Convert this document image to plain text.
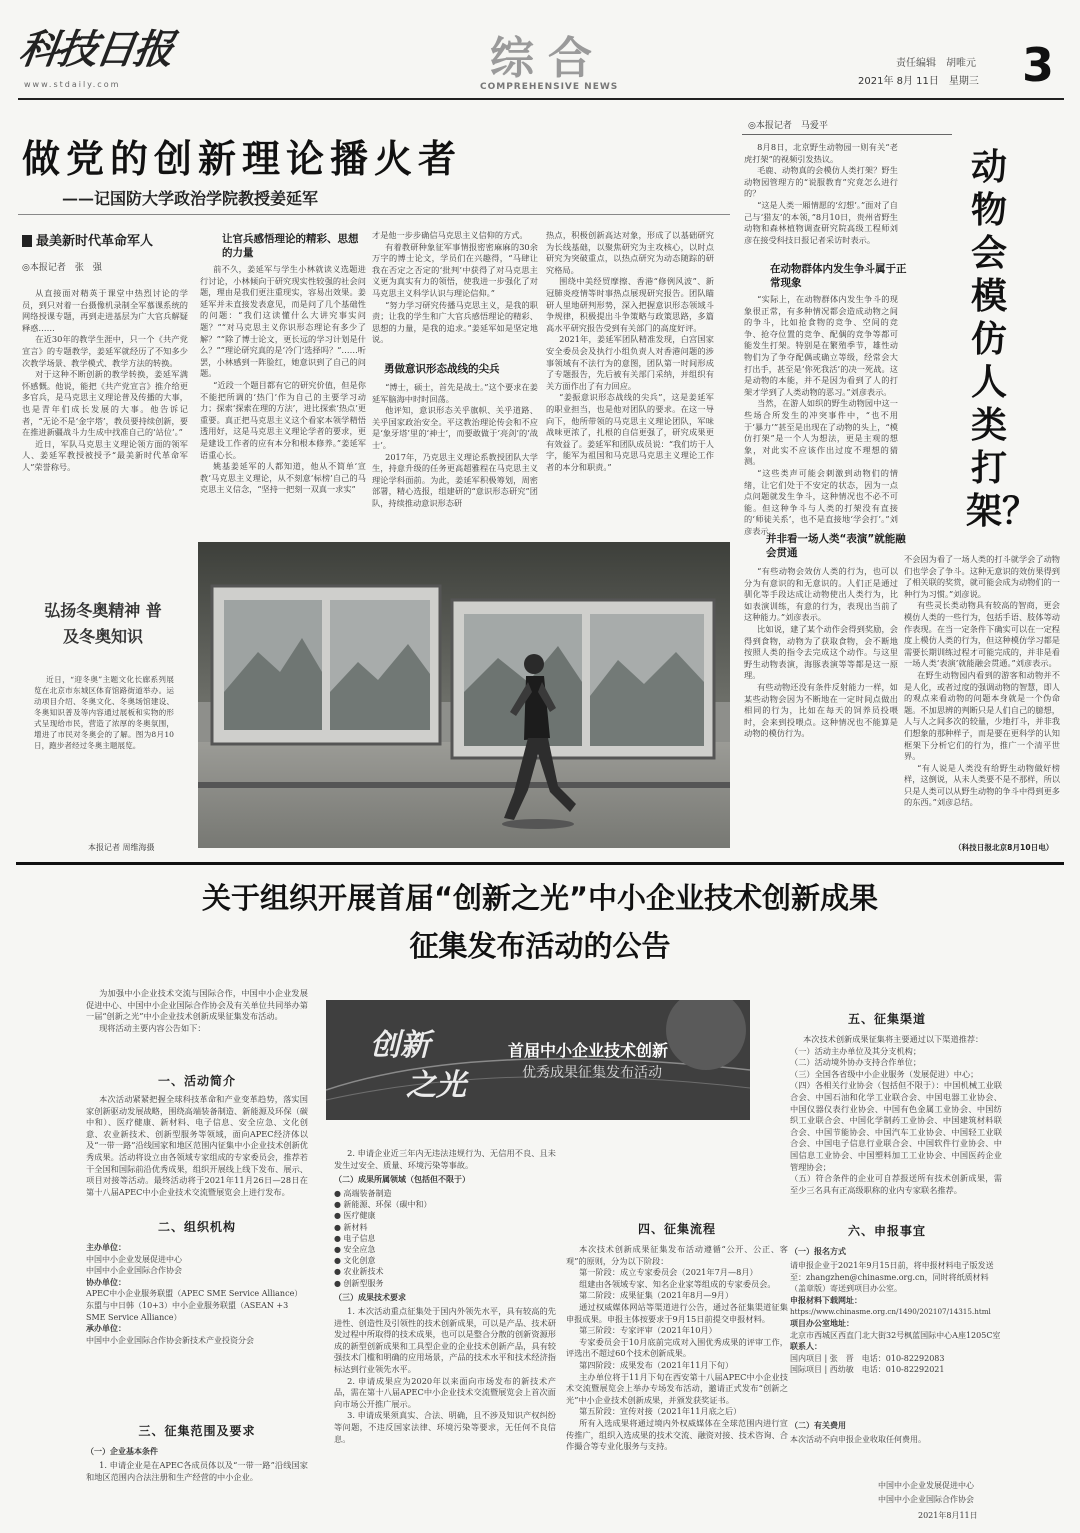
科技日报
www.stdaily.com
综合
COMPREHENSIVE NEWS
责任编辑　胡唯元
2021年 8月 11日　星期三 3
做党的创新理论播火者
——记国防大学政治学院教授姜延军
最美新时代革命军人
◎本报记者　张　强

从直接面对精英于课堂中热烈讨论的学员，到只对着一台摄像机录制全军慕课系统的网络授课专题，再到走进基层为广大官兵解疑释惑……

在近30年的教学生涯中，只一个《共产党宣言》的专题教学，姜延军就经历了不知多少次教学场景、教学模式、教学方法的转换。

对于这种不断创新的教学转换，姜延军满怀感慨。他说，能把《共产党宣言》推介给更多官兵，是马克思主义理论普及传播的大事，也是青年们成长发展的大事。他告诉记者，“无论不是‘金字塔’，教员要持续创新，要在推进新疆战斗力生成中找准自己的‘站位’。”

近日，军队马克思主义理论领方面的领军人、姜延军教授被授予“最美新时代革命军人”荣誉称号。

让官兵感悟理论的精彩、思想的力量

前不久，姜延军与学生小林就读义选题进行讨论，小林倾向于研究现实性较强的社会问题，理由是我们更注重现实，容易出效果。姜延军并未直接发表意见，而是问了几个基础性的问题：“我们这读懂什么大讲究事实问题？”“对马克思主义你识形态理论有多少了解？”“除了博士论文，更长远的学习计划是什么？”“理论研究真的是‘冷门’选择吗？”……听罢，小林感到一阵脸红，她意识到了自己的问题。

“近段一个题目都有它的研究价值，但是你不能把所调的‘热门’作为自己的主要学习动力；探索‘探索在理的方法’，进比探索‘热点’更重要。真正把马克思主义这个看家本领学精悟透用好，这是马克思主义理论学者的要求，更是建设工作者的应有本分和根本修养。”姜延军语重心长。

姚基姜延军的人都知道，他从不简单‘宣教’马克思主义理论，从不刻意‘标榜’自己的马克思主义信念，“坚持一把刻一双真一求实”

才是他一步步确信马克思主义信仰的方式。

有着教研种象征军事情报密密麻麻的30余万字的博士论文，学员们在兴趣得，“马肆让我在否定之否定的‘批判’中获得了对马克思主义更为真实有力的领悟，使我进一步强化了对马克思主义科学认识与理论信仰。”

“努力学习研究传播马克思主义，是我的职责；让我的学生和广大官兵感悟理论的精彩、思想的力量，是我的追求。”姜延军如是坚定地说。

勇做意识形态战线的尖兵

“博士，硕士，首先是战士。”这个要求在姜延军脑海中时时回荡。

他评知，意识形态关乎旗帜、关乎道路、关乎国家政治安全。平这教治理论传会和不应是‘象牙塔’里的‘神士’，而要敢做于‘亮剑’的‘战士’。

2017年，乃克思主义理论系教授团队大学生，持意升级的任务更高超雅程在马克思主义理论学科面前。为此，姜延军积极筹划，周密部署，精心选报，组建研的“意识形态研究”团队，持续推动意识形态研

热点，积极创新高达对象，形成了以基础研究为长线基础，以聚焦研究为主攻核心，以时点研究为突破重点，以热点研究为动态随踪的研究格局。

围绕中美经贸摩擦、香港“修例风波”、新冠肺炎疫情等时事热点展现研究报告。团队瞄研人里地研判形势，深入把握意识形态领域斗争规律，积极提出斗争策略与政策思路，多篇高水平研究报告受到有关部门的高度好评。

2021年，姜延军团队精准发现，白宫国家安全委员会及执行小组负责人对香港问题的涉事领域有不法行为的意图，团队第一时间形成了专题报告，先后被有关部门采纳，并组织有关方面作出了有力回应。

“姜振意识形态战线的尖兵”，这是姜延军的职业担当，也是他对团队的要求。在这一导向下，他所带领的马克思主义理论团队，军味战味更浓了，扎根的自信更强了，研究成果更有效益了。姜延军和团队成员说：“我们坊于人字，能军为祖国和马克思马克思主义理论工作者的本分和职责。”

弘扬冬奥精神 普及冬奥知识
近日，“迎冬奥”主题文化长廊系列展览在北京市东城区体育馆路街道举办。运动项目介绍、冬奥文化、冬奥场馆建设、冬奥知识普及等内容通过展板和实物的形式呈现给市民，营造了浓厚的冬奥氛围，增进了市民对冬奥会的了解。图为8月10日，跑步者经过冬奥主题展览。
本报记者 周维海摄
◎本报记者　马爱平
动物会模仿人类打架？

8月8日，北京野生动物园一则有关“老虎打架”的视频引发热议。

毛鹿、动物真的会模仿人类打架？野生动物园管理方的“说服教育”究竟怎么进行的？

“这是人类一厢情愿的‘幻想’。”面对了自己与‘猎友’的本领，”8月10日，贵州省野生动物和森林植物调查研究院高级工程师刘彦在接受科技日报记者采访时表示。

在动物群体内发生争斗属于正常现象

“实际上，在动物群体内发生争斗的现象很正常，有多种情况都会造成动物之间的争斗，比如抢食物的竞争、空间的竞争、抢夺位置的竞争、配偶的竞争等都可能发生打架。特别是在繁殖季节，雄性动物们为了争夺配偶或确立等级，经常会大打出手，甚至是‘你死我活’的决一死战。这是动物的本能，并不是因为看到了人的打架才学到了人类动物的恶习。”刘彦表示。

当然，在游人如织的野生动物园中这一些场合所发生的冲突事件中，“也不用于‘暴力’”甚至是出现在了动物的头上，“模仿打架”是一个人为想法，更是主观的想象，对此实不应该作出过度不理想的猜测。

“这些类声可能会刺激到动物们的情绪，让它们处于不安定的状态，因为一点点问题就发生争斗，这种情况也不必不可能。但这种争斗与人类的打架没有直接的‘师徒关系’，也不是直接地‘学会打’。”刘彦表示。

并非看一场人类“表演”就能融会贯通

“有些动物会效仿人类的行为，也可以分为有意识的和无意识的。人们正是通过驯化等手段达成让动物使出人类行为，比如表演训练，有意的行为，表现出当前了这种能力。”刘彦表示。

比如说，建了某个动作会得到奖励，会得到食物，动物为了获取食物，会不断地按照人类的指令去完成这个动作。与这里野生动物表演，海豚表演等等都是这一原理。

有些动物还没有条件反射能力一样，如某些动物会因为不断地在一定时间点做出相同的行为，比如在每天的饲养员投喂时，会来到投喂点。这种情况也不能算是动物的模仿行为。

不会因为看了一场人类的打斗就学会了动物们也学会了争斗。这种无意识的效仿果得到了相关联的奖赏，就可能会成为动物们的一种行为习惯。”刘彦说。

有些灵长类动物具有较高的智商，更会模仿人类的一些行为，包括手语、肢体等动作表现。在当一定条件下确实可以在一定程度上模仿人类的行为，但这种模仿学习都是需要长期训练过程才可能完成的，并非是看一场人类‘表演’就能融会贯通。”刘彦表示。

在野生动物园内看到的游客和动物并不是人化，或者过度的强调动物的智慧，即人的观点来看动物的问题本身就是一个伪命题。不加思辨的判断只是人们自己的臆想，人与人之间多次的较量，少地打斗，并非我们想象的那种样子，而是要在更科学的认知框架下分析它们的行为，推广一个清平世界。

“有人说是人类没有给野生动物做好榜样，这倒说，从未人类要不是不那样，所以只是人类可以从野生动物的争斗中得到更多的东西。”刘彦总结。

（科技日报北京8月10日电）
关于组织开展首届“创新之光”中小企业技术创新成果
征集发布活动的公告

为加强中小企业技术交流与国际合作，中国中小企业发展促进中心、中国中小企业国际合作协会及有关单位共同举办第一届“创新之光”中小企业技术创新成果征集发布活动。

现将活动主要内容公告如下：

一、活动简介
本次活动紧紧把握全球科技革命和产业变革趋势，落实国家创新驱动发展战略，围绕高端装备制造、新能源及环保（碳中和）、医疗健康、新材料、电子信息、安全应急、文化创意、农业新技术、创新型服务等领域，面向APEC经济体以及“一带一路”沿线国家和地区范围内征集中小企业技术创新优秀成果。活动将设立由各领域专家组成的专家委员会，推荐若干全国和国际前沿优秀成果，组织开展线上线下发布、展示、项目对接等活动。最终活动将于2021年11月26日—28日在第十八届APEC中小企业技术交流暨展览会上进行发布。
二、组织机构

主办单位：

中国中小企业发展促进中心

中国中小企业国际合作协会

协办单位：

APEC中小企业服务联盟（APEC SME Service Alliance）

东盟与中日韩（10+3）中小企业服务联盟（ASEAN +3 SME Service Alliance）

承办单位：

中国中小企业国际合作协会新技术产业投资分会

三、征集范围及要求
（一）企业基本条件
1. 申请企业是在APEC各成员体以及“一带一路”沿线国家和地区范围内合法注册和生产经营的中小企业。
创新
之光
首届中小企业技术创新
优秀成果征集发布活动

2. 申请企业近三年内无违法违规行为、无信用不良、且未发生过安全、质量、环境污染等事故。

（二）成果所属领域（包括但不限于）
● 高端装备制造
● 新能源、环保（碳中和）
● 医疗健康
● 新材料
● 电子信息
● 安全应急
● 文化创意
● 农业新技术
● 创新型服务
（三）成果技术要求

1. 本次活动重点征集处于国内外领先水平，具有较高的先进性、创造性及引领性的技术创新成果，可以是产品、技术研发过程中所取得的技术成果，也可以是整合分散的创新资源形成的新型创新成果和工具型企业的企业技术创新产品，具有较强技术门槛和明确的应用场景，产品的技术水平和技术经济指标达到行业领先水平。

2. 申请成果应为2020年以来面向市场发布的新技术产品，需在第十八届APEC中小企业技术交流暨展览会上首次面向市场公开推广展示。

3. 申请成果须真实、合法、明确，且不涉及知识产权纠纷等问题，不违反国家法律、环境污染等要求，无任何不良信息。

四、征集流程

本次技术创新成果征集发布活动遵循“公开、公正、客观”的原则，分为以下阶段：

第一阶段：成立专家委员会（2021年7月—8月）

组建由各领域专家、知名企业家等组成的专家委员会。

第二阶段：成果征集（2021年8月—9月）

通过权威媒体网站等渠道进行公告，通过各征集渠道征集申报成果。申报主体按要求于9月15日前提交申报材料。

第三阶段：专家评审（2021年10月）

专家委员会于10月底前完成对入围优秀成果的评审工作，评选出不超过60个技术创新成果。

第四阶段：成果发布（2021年11月下旬）

主办单位将于11月下旬在西安第十八届APEC中小企业技术交流暨展览会上举办专场发布活动，邀请正式发布“创新之光”中小企业技术创新成果，并颁发获奖证书。

第五阶段：宣传对接（2021年11月底之后）

所有入选成果将通过境内外权威媒体在全球范围内进行宣传推广，组织入选成果的技术交流、融资对接、技术咨询、合作撮合等专业化服务与支持。

五、征集渠道

本次技术创新成果征集将主要通过以下渠道推荐：

（一）活动主办单位及其分支机构；

（二）活动境外协办支持合作单位；

（三）全国各省级中小企业服务（发展促进）中心；

（四）各相关行业协会（包括但不限于）：中国机械工业联合会、中国石油和化学工业联合会、中国电器工业协会、中国仪器仪表行业协会、中国有色金属工业协会、中国纺织工业联合会、中国化学制药工业协会、中国建筑材料联合会、中国节能协会、中国汽车工业协会、中国轻工业联合会、中国电子信息行业联合会、中国软件行业协会、中国信息工业协会、中国塑料加工工业协会、中国医药企业管理协会；

（五）符合条件的企业可自荐报送所有技术创新成果，需至少三名具有正高级职称的业内专家联名推荐。

六、申报事宜
（一）报名方式

请申报企业于2021年9月15日前，将申报材料电子版发送至：zhangzhen@chinasme.org.cn，同时将纸质材料（盖章版）寄送到项目办公室。

申报材料下载网址：

https://www.chinasme.org.cn/1490/202107/14315.html

项目办公室地址：

北京市西城区西直门北大街32号枫蓝国际中心A座1205C室

联系人：

国内项目 | 张　晋　电话：010-82292083

国际项目 | 西幼敏　电话：010-82292021

（二）有关费用
本次活动不向申报企业收取任何费用。
中国中小企业发展促进中心
中国中小企业国际合作协会
2021年8月11日
